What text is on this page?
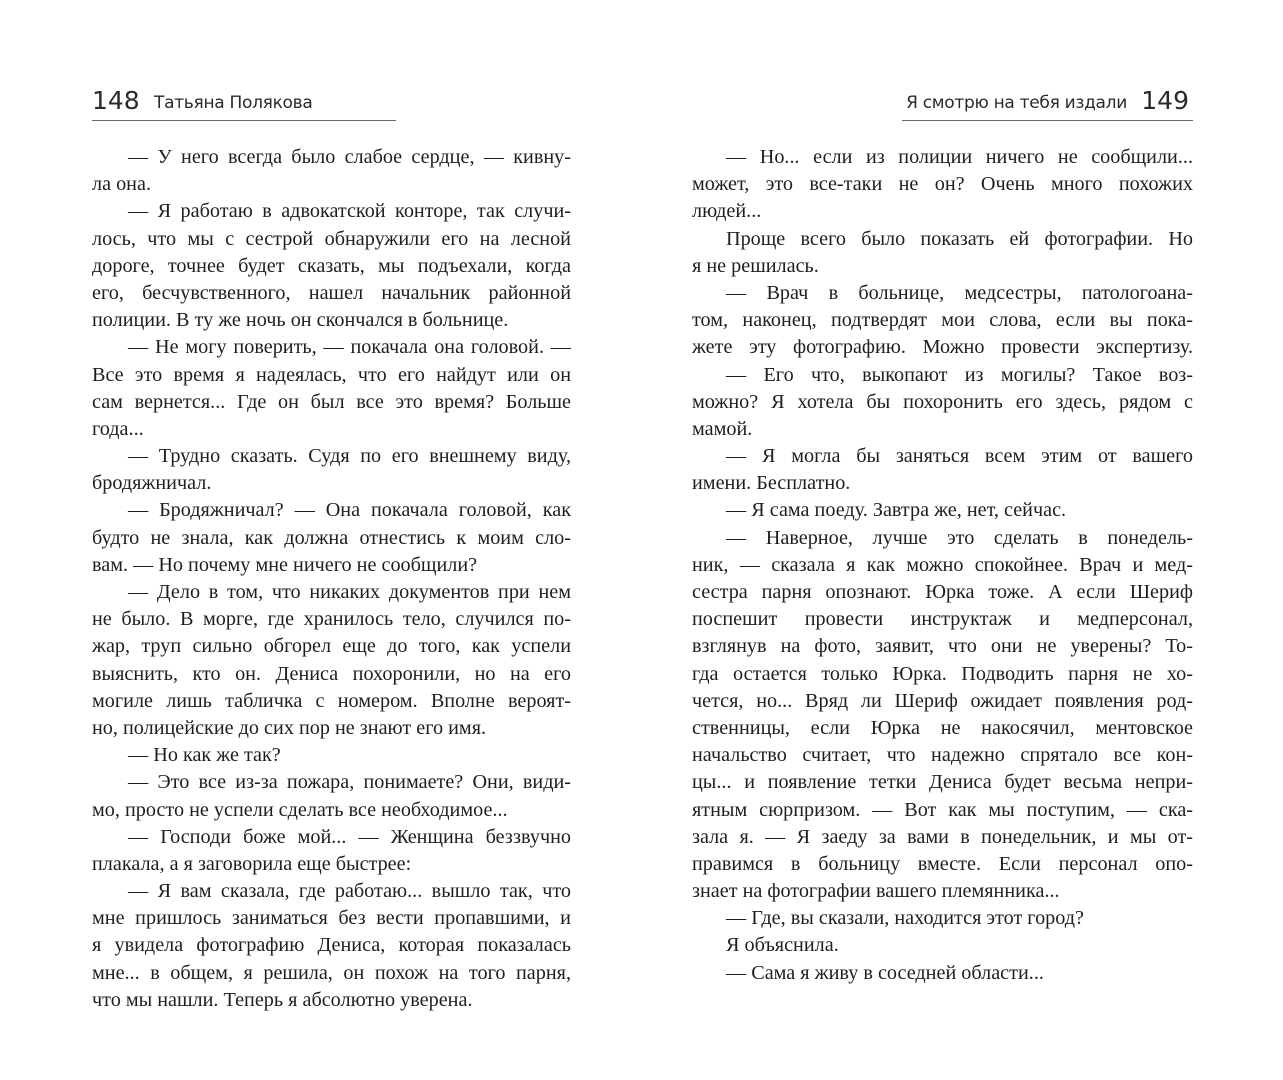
148 Татьяна Полякова
— У него всегда было слабое сердце, — кивну-
ла она.
— Я работаю в адвокатской конторе, так случи-
лось, что мы с сестрой обнаружили его на лесной
дороге, точнее будет сказать, мы подъехали, когда
его, бесчувственного, нашел начальник районной
полиции. В ту же ночь он скончался в больнице.
— Не могу поверить, — покачала она головой. —
Все это время я надеялась, что его найдут или он
сам вернется... Где он был все это время? Больше
года...
— Трудно сказать. Судя по его внешнему виду,
бродяжничал.
— Бродяжничал? — Она покачала головой, как
будто не знала, как должна отнестись к моим сло-
вам. — Но почему мне ничего не сообщили?
— Дело в том, что никаких документов при нем
не было. В морге, где хранилось тело, случился по-
жар, труп сильно обгорел еще до того, как успели
выяснить, кто он. Дениса похоронили, но на его
могиле лишь табличка с номером. Вполне вероят-
но, полицейские до сих пор не знают его имя.
— Но как же так?
— Это все из-за пожара, понимаете? Они, види-
мо, просто не успели сделать все необходимое...
— Господи боже мой... — Женщина беззвучно
плакала, а я заговорила еще быстрее:
— Я вам сказала, где работаю... вышло так, что
мне пришлось заниматься без вести пропавшими, и
я увидела фотографию Дениса, которая показалась
мне... в общем, я решила, он похож на того парня,
что мы нашли. Теперь я абсолютно уверена.
Я смотрю на тебя издали 149
— Но... если из полиции ничего не сообщили...
может, это все-таки не он? Очень много похожих
людей...
Проще всего было показать ей фотографии. Но
я не решилась.
— Врач в больнице, медсестры, патологоана-
том, наконец, подтвердят мои слова, если вы пока-
жете эту фотографию. Можно провести экспертизу.
— Его что, выкопают из могилы? Такое воз-
можно? Я хотела бы похоронить его здесь, рядом с
мамой.
— Я могла бы заняться всем этим от вашего
имени. Бесплатно.
— Я сама поеду. Завтра же, нет, сейчас.
— Наверное, лучше это сделать в понедель-
ник, — сказала я как можно спокойнее. Врач и мед-
сестра парня опознают. Юрка тоже. А если Шериф
поспешит провести инструктаж и медперсонал,
взглянув на фото, заявит, что они не уверены? То-
гда остается только Юрка. Подводить парня не хо-
чется, но... Вряд ли Шериф ожидает появления род-
ственницы, если Юрка не накосячил, ментовское
начальство считает, что надежно спрятало все кон-
цы... и появление тетки Дениса будет весьма непри-
ятным сюрпризом. — Вот как мы поступим, — ска-
зала я. — Я заеду за вами в понедельник, и мы от-
правимся в больницу вместе. Если персонал опо-
знает на фотографии вашего племянника...
— Где, вы сказали, находится этот город?
Я объяснила.
— Сама я живу в соседней области...
